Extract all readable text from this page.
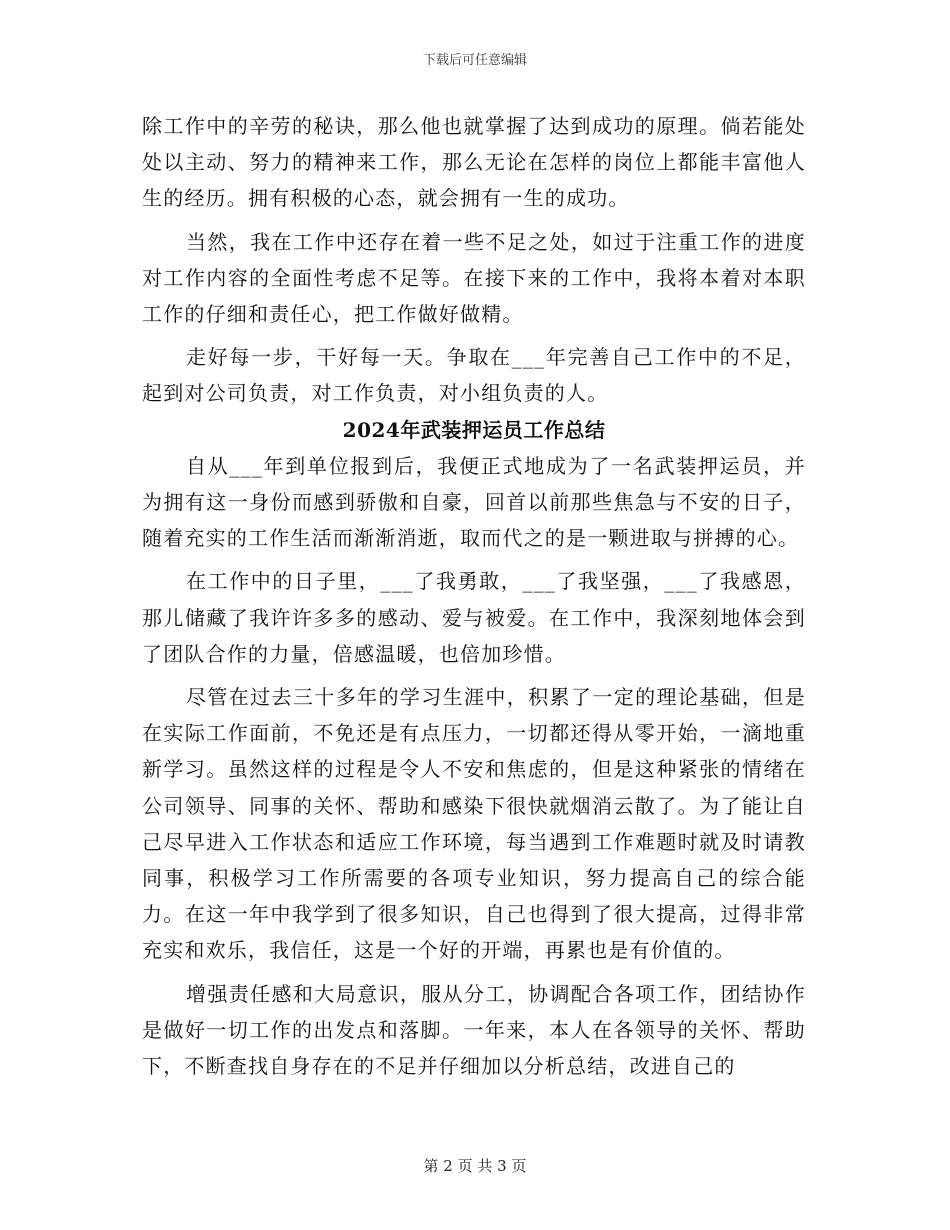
下载后可任意编辑

除工作中的辛劳的秘诀，那么他也就掌握了达到成功的原理。倘若能处处以主动、努力的精神来工作，那么无论在怎样的岗位上都能丰富他人生的经历。拥有积极的心态，就会拥有一生的成功。

当然，我在工作中还存在着一些不足之处，如过于注重工作的进度对工作内容的全面性考虑不足等。在接下来的工作中，我将本着对本职工作的仔细和责任心，把工作做好做精。

走好每一步，干好每一天。争取在___年完善自己工作中的不足，起到对公司负责，对工作负责，对小组负责的人。

2024年武装押运员工作总结

自从___年到单位报到后，我便正式地成为了一名武装押运员，并为拥有这一身份而感到骄傲和自豪，回首以前那些焦急与不安的日子，随着充实的工作生活而渐渐消逝，取而代之的是一颗进取与拼搏的心。

在工作中的日子里，___了我勇敢，___了我坚强，___了我感恩，那儿储藏了我许许多多的感动、爱与被爱。在工作中，我深刻地体会到了团队合作的力量，倍感温暖，也倍加珍惜。

尽管在过去三十多年的学习生涯中，积累了一定的理论基础，但是在实际工作面前，不免还是有点压力，一切都还得从零开始，一滴地重新学习。虽然这样的过程是令人不安和焦虑的，但是这种紧张的情绪在公司领导、同事的关怀、帮助和感染下很快就烟消云散了。为了能让自己尽早进入工作状态和适应工作环境，每当遇到工作难题时就及时请教同事，积极学习工作所需要的各项专业知识，努力提高自己的综合能力。在这一年中我学到了很多知识，自己也得到了很大提高，过得非常充实和欢乐，我信任，这是一个好的开端，再累也是有价值的。

增强责任感和大局意识，服从分工，协调配合各项工作，团结协作是做好一切工作的出发点和落脚。一年来，本人在各领导的关怀、帮助下，不断查找自身存在的不足并仔细加以分析总结，改进自己的

第 2 页 共 3 页
